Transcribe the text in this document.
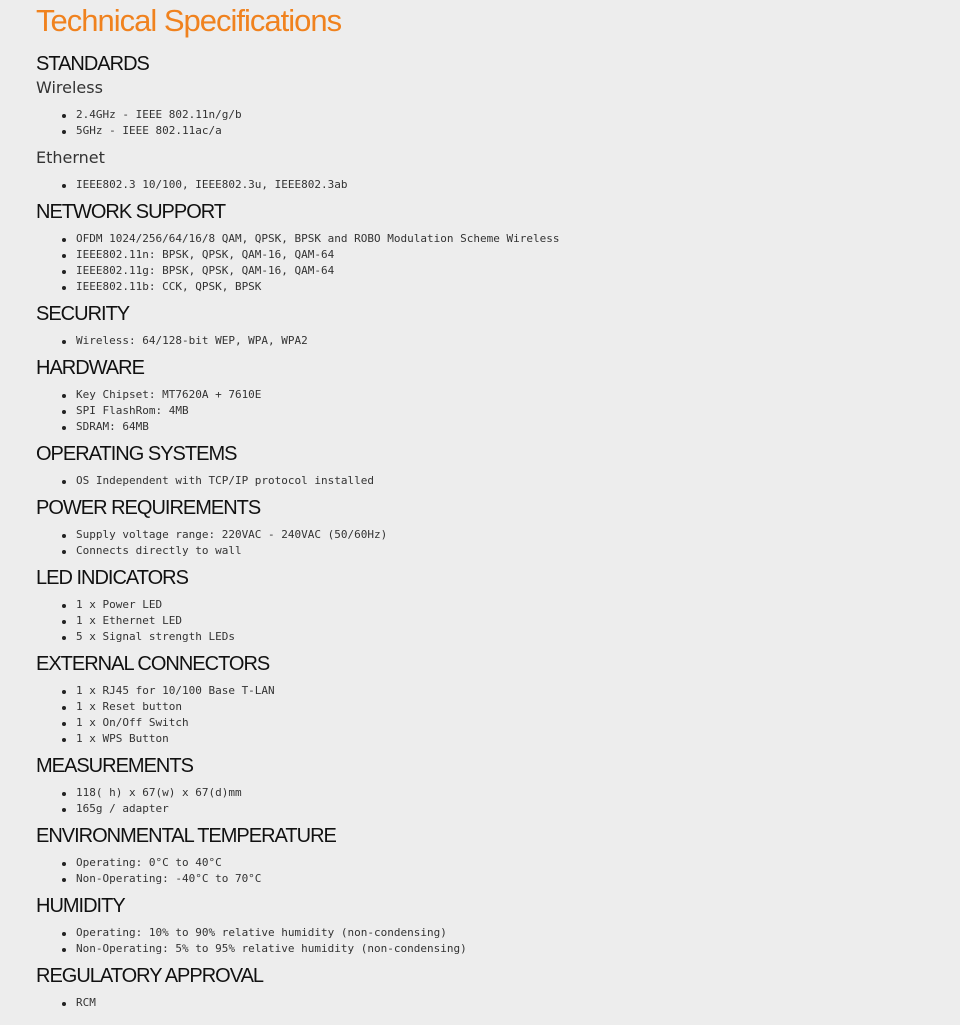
Technical Specifications
STANDARDS
Wireless
2.4GHz - IEEE 802.11n/g/b
5GHz - IEEE 802.11ac/a
Ethernet
IEEE802.3 10/100, IEEE802.3u, IEEE802.3ab
NETWORK SUPPORT
OFDM 1024/256/64/16/8 QAM, QPSK, BPSK and ROBO Modulation Scheme Wireless
IEEE802.11n: BPSK, QPSK, QAM-16, QAM-64
IEEE802.11g: BPSK, QPSK, QAM-16, QAM-64
IEEE802.11b: CCK, QPSK, BPSK
SECURITY
Wireless: 64/128-bit WEP, WPA, WPA2
HARDWARE
Key Chipset: MT7620A + 7610E
SPI FlashRom: 4MB
SDRAM: 64MB
OPERATING SYSTEMS
OS Independent with TCP/IP protocol installed
POWER REQUIREMENTS
Supply voltage range: 220VAC - 240VAC (50/60Hz)
Connects directly to wall
LED INDICATORS
1 x Power LED
1 x Ethernet LED
5 x Signal strength LEDs
EXTERNAL CONNECTORS
1 x RJ45 for 10/100 Base T-LAN
1 x Reset button
1 x On/Off Switch
1 x WPS Button
MEASUREMENTS
118( h) x 67(w) x 67(d)mm
165g / adapter
ENVIRONMENTAL TEMPERATURE
Operating: 0°C to 40°C
Non-Operating: -40°C to 70°C
HUMIDITY
Operating: 10% to 90% relative humidity (non-condensing)
Non-Operating: 5% to 95% relative humidity (non-condensing)
REGULATORY APPROVAL
RCM
